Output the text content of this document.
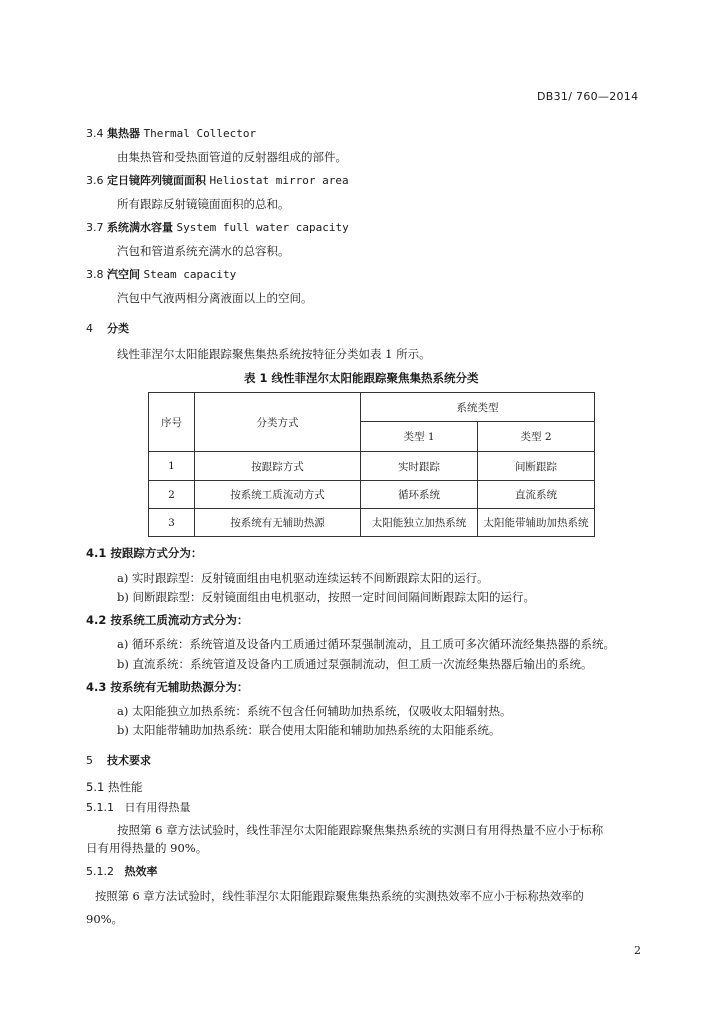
DB31/ 760—2014
3.4 集热器 Thermal Collector
由集热管和受热面管道的反射器组成的部件。
3.6 定日镜阵列镜面面积 Heliostat mirror area
所有跟踪反射镜镜面面积的总和。
3.7 系统满水容量 System full water capacity
汽包和管道系统充满水的总容积。
3.8 汽空间 Steam capacity
汽包中气液两相分离液面以上的空间。
4 分类
线性菲涅尔太阳能跟踪聚焦集热系统按特征分类如表 1 所示。
表 1 线性菲涅尔太阳能跟踪聚焦集热系统分类
序号	分类方式	系统类型	
		类型 1	类型 2
1	按跟踪方式	实时跟踪	间断跟踪
2	按系统工质流动方式	循环系统	直流系统
3	按系统有无辅助热源	太阳能独立加热系统	太阳能带辅助加热系统
4.1 按跟踪方式分为：
a) 实时跟踪型：反射镜面组由电机驱动连续运转不间断跟踪太阳的运行。
b) 间断跟踪型：反射镜面组由电机驱动，按照一定时间间隔间断跟踪太阳的运行。
4.2 按系统工质流动方式分为：
a) 循环系统：系统管道及设备内工质通过循环泵强制流动，且工质可多次循环流经集热器的系统。
b) 直流系统：系统管道及设备内工质通过泵强制流动，但工质一次流经集热器后输出的系统。
4.3 按系统有无辅助热源分为：
a) 太阳能独立加热系统：系统不包含任何辅助加热系统，仅吸收太阳辐射热。
b) 太阳能带辅助加热系统：联合使用太阳能和辅助加热系统的太阳能系统。
5 技术要求
5.1 热性能
5.1.1 日有用得热量
按照第 6 章方法试验时，线性菲涅尔太阳能跟踪聚焦集热系统的实测日有用得热量不应小于标称
日有用得热量的 90%。
5.1.2 热效率
按照第 6 章方法试验时，线性菲涅尔太阳能跟踪聚焦集热系统的实测热效率不应小于标称热效率的
90%。
2
